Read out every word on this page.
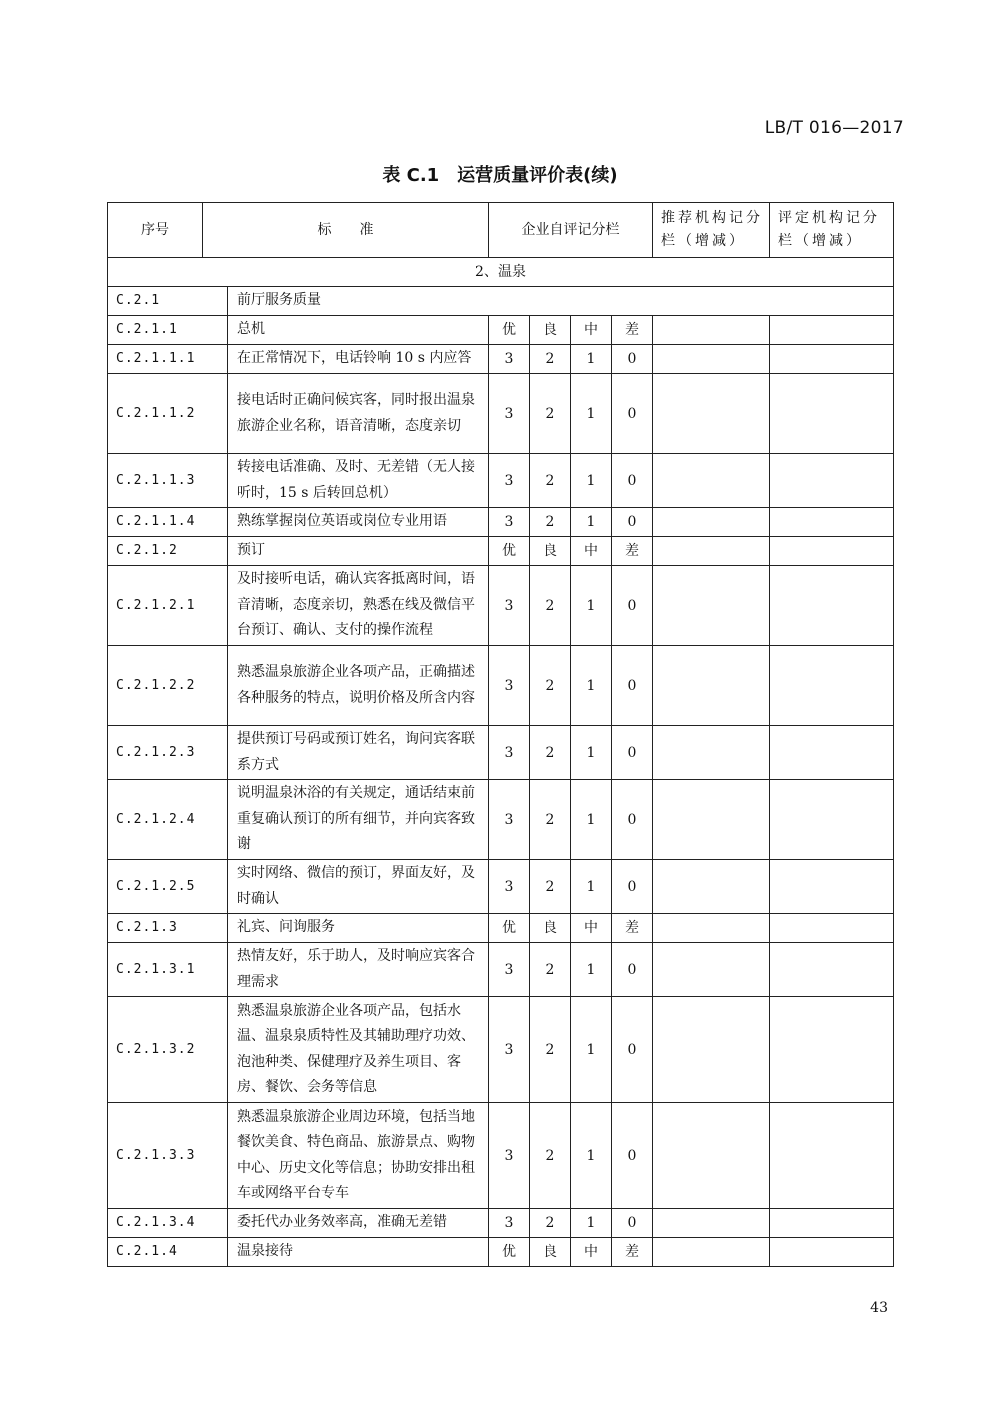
LB/T 016—2017
表 C.1　运营质量评价表(续)
序号	标　　准		企业自评记分栏				推荐机构记分栏（增减）	评定机构记分栏（增减）
2、温泉								
C.2.1		前厅服务质量						
C.2.1.1		总机	优	良	中	差		
C.2.1.1.1		在正常情况下，电话铃响 10 s 内应答	3	2	1	0		
C.2.1.1.2		接电话时正确问候宾客，同时报出温泉旅游企业名称，语音清晰，态度亲切	3	2	1	0		
C.2.1.1.3		转接电话准确、及时、无差错（无人接听时，15 s 后转回总机）	3	2	1	0		
C.2.1.1.4		熟练掌握岗位英语或岗位专业用语	3	2	1	0		
C.2.1.2		预订	优	良	中	差		
C.2.1.2.1		及时接听电话，确认宾客抵离时间，语音清晰，态度亲切，熟悉在线及微信平台预订、确认、支付的操作流程	3	2	1	0		
C.2.1.2.2		熟悉温泉旅游企业各项产品，正确描述各种服务的特点，说明价格及所含内容	3	2	1	0		
C.2.1.2.3		提供预订号码或预订姓名，询问宾客联系方式	3	2	1	0		
C.2.1.2.4		说明温泉沐浴的有关规定，通话结束前重复确认预订的所有细节，并向宾客致谢	3	2	1	0		
C.2.1.2.5		实时网络、微信的预订，界面友好，及时确认	3	2	1	0		
C.2.1.3		礼宾、问询服务	优	良	中	差		
C.2.1.3.1		热情友好，乐于助人，及时响应宾客合理需求	3	2	1	0		
C.2.1.3.2		熟悉温泉旅游企业各项产品，包括水温、温泉泉质特性及其辅助理疗功效、泡池种类、保健理疗及养生项目、客房、餐饮、会务等信息	3	2	1	0		
C.2.1.3.3		熟悉温泉旅游企业周边环境，包括当地餐饮美食、特色商品、旅游景点、购物中心、历史文化等信息；协助安排出租车或网络平台专车	3	2	1	0		
C.2.1.3.4		委托代办业务效率高，准确无差错	3	2	1	0		
C.2.1.4		温泉接待	优	良	中	差		
43
